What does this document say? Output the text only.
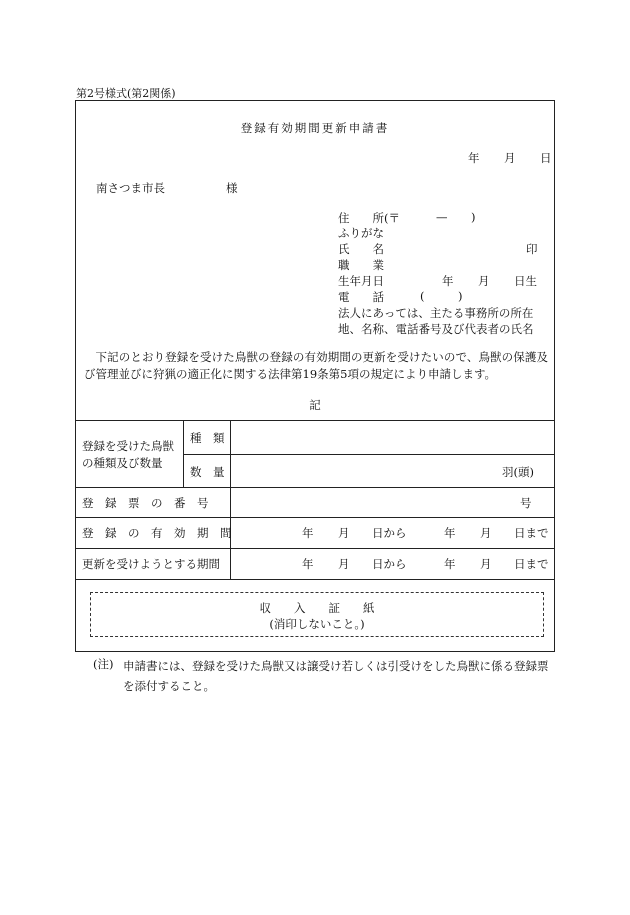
第2号様式(第2関係)
登録有効期間更新申請書
年 月 日
南さつま市長	様
住　　所(〒	— )
ふりがな
氏　　名	印
職　　業
生年月日	年 月 日生
電　　話	(	)
法人にあっては、主たる事務所の所在
地、名称、電話番号及び代表者の氏名
下記のとおり登録を受けた鳥獣の登録の有効期間の更新を受けたいので、鳥獣の保護及び管理並びに狩猟の適正化に関する法律第19条第5項の規定により申請します。
記
登録を受けた鳥獣
の種類及び数量
種　類
数　量	羽(頭)
登　録　票　の　番　号	号
登　録　の　有　効　期　間	年 月 日から	年 月 日まで
更新を受けようとする期間	年 月 日から	年 月 日まで
収　　入　　証　　紙
(消印しないこと。)
(注) 申請書には、登録を受けた鳥獣又は譲受け若しくは引受けをした鳥獣に係る登録票を添付すること。
